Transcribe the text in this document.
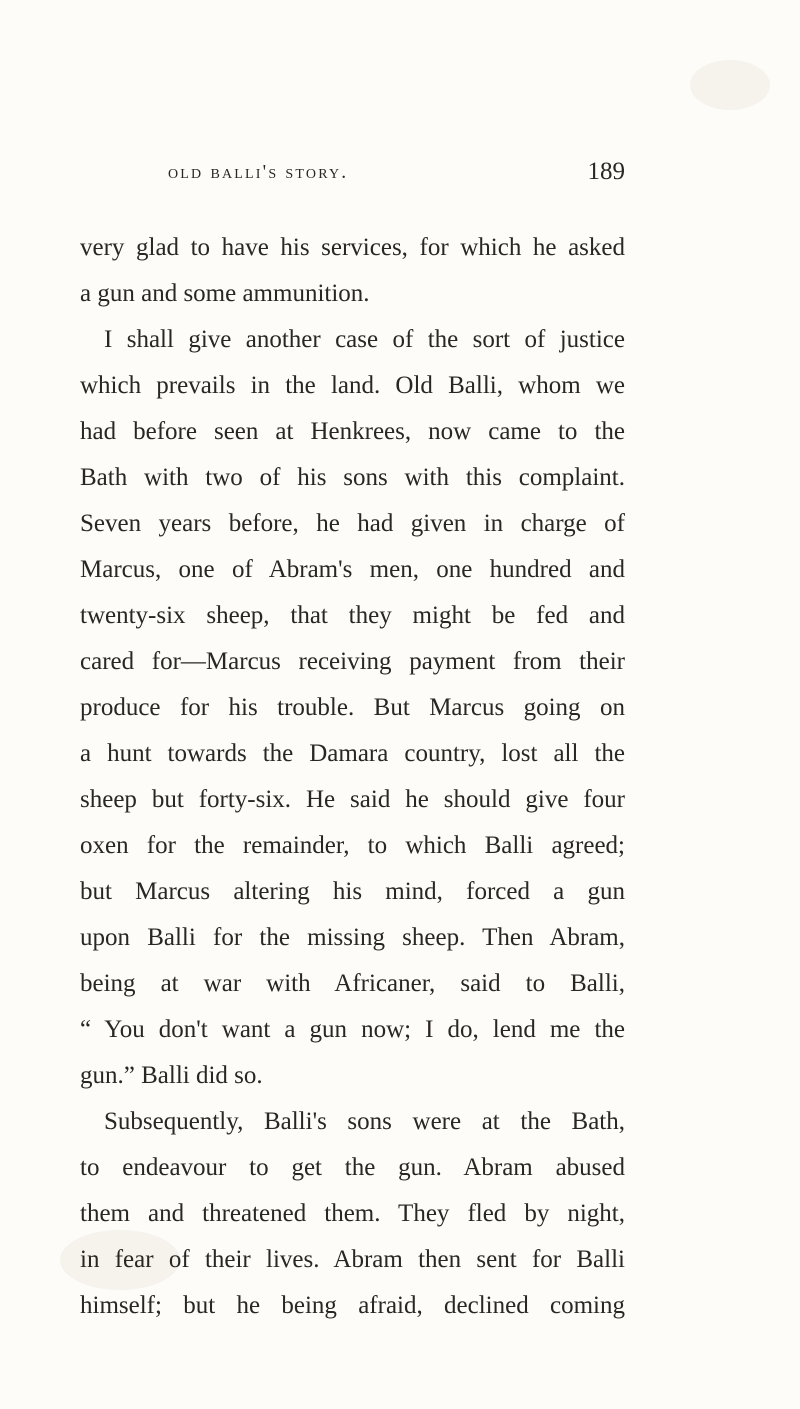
old balli's story.	189
very glad to have his services, for which he asked
a gun and some ammunition.
I shall give another case of the sort of justice
which prevails in the land. Old Balli, whom we
had before seen at Henkrees, now came to the
Bath with two of his sons with this complaint.
Seven years before, he had given in charge of
Marcus, one of Abram's men, one hundred and
twenty-six sheep, that they might be fed and
cared for—Marcus receiving payment from their
produce for his trouble. But Marcus going on
a hunt towards the Damara country, lost all the
sheep but forty-six. He said he should give four
oxen for the remainder, to which Balli agreed;
but Marcus altering his mind, forced a gun
upon Balli for the missing sheep. Then Abram,
being at war with Africaner, said to Balli,
“ You don't want a gun now; I do, lend me the
gun.” Balli did so.
Subsequently, Balli's sons were at the Bath,
to endeavour to get the gun. Abram abused
them and threatened them. They fled by night,
in fear of their lives. Abram then sent for Balli
himself; but he being afraid, declined coming
